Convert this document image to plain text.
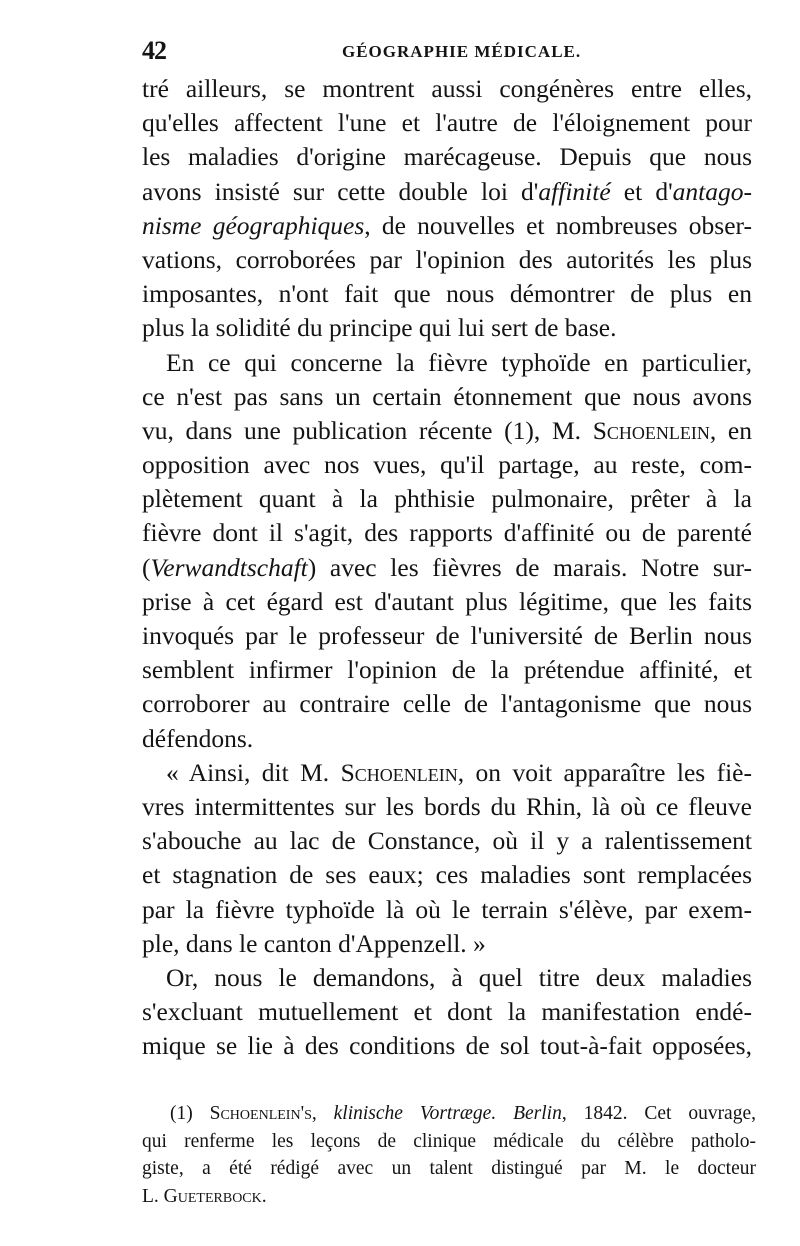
42	GÉOGRAPHIE MÉDICALE.
tré ailleurs, se montrent aussi congénères entre elles,
qu'elles affectent l'une et l'autre de l'éloignement pour
les maladies d'origine marécageuse. Depuis que nous
avons insisté sur cette double loi d'affinité et d'antago-
nisme géographiques, de nouvelles et nombreuses obser-
vations, corroborées par l'opinion des autorités les plus
imposantes, n'ont fait que nous démontrer de plus en
plus la solidité du principe qui lui sert de base.
En ce qui concerne la fièvre typhoïde en particulier,
ce n'est pas sans un certain étonnement que nous avons
vu, dans une publication récente (1), M. Schoenlein, en
opposition avec nos vues, qu'il partage, au reste, com-
plètement quant à la phthisie pulmonaire, prêter à la
fièvre dont il s'agit, des rapports d'affinité ou de parenté
(Verwandtschaft) avec les fièvres de marais. Notre sur-
prise à cet égard est d'autant plus légitime, que les faits
invoqués par le professeur de l'université de Berlin nous
semblent infirmer l'opinion de la prétendue affinité, et
corroborer au contraire celle de l'antagonisme que nous
défendons.
« Ainsi, dit M. Schoenlein, on voit apparaître les fiè-
vres intermittentes sur les bords du Rhin, là où ce fleuve
s'abouche au lac de Constance, où il y a ralentissement
et stagnation de ses eaux; ces maladies sont remplacées
par la fièvre typhoïde là où le terrain s'élève, par exem-
ple, dans le canton d'Appenzell. »
Or, nous le demandons, à quel titre deux maladies
s'excluant mutuellement et dont la manifestation endé-
mique se lie à des conditions de sol tout-à-fait opposées,
(1) Schoenlein's, klinische Vortræge. Berlin, 1842. Cet ouvrage,
qui renferme les leçons de clinique médicale du célèbre patholo-
giste, a été rédigé avec un talent distingué par M. le docteur
L. Gueterbock.
